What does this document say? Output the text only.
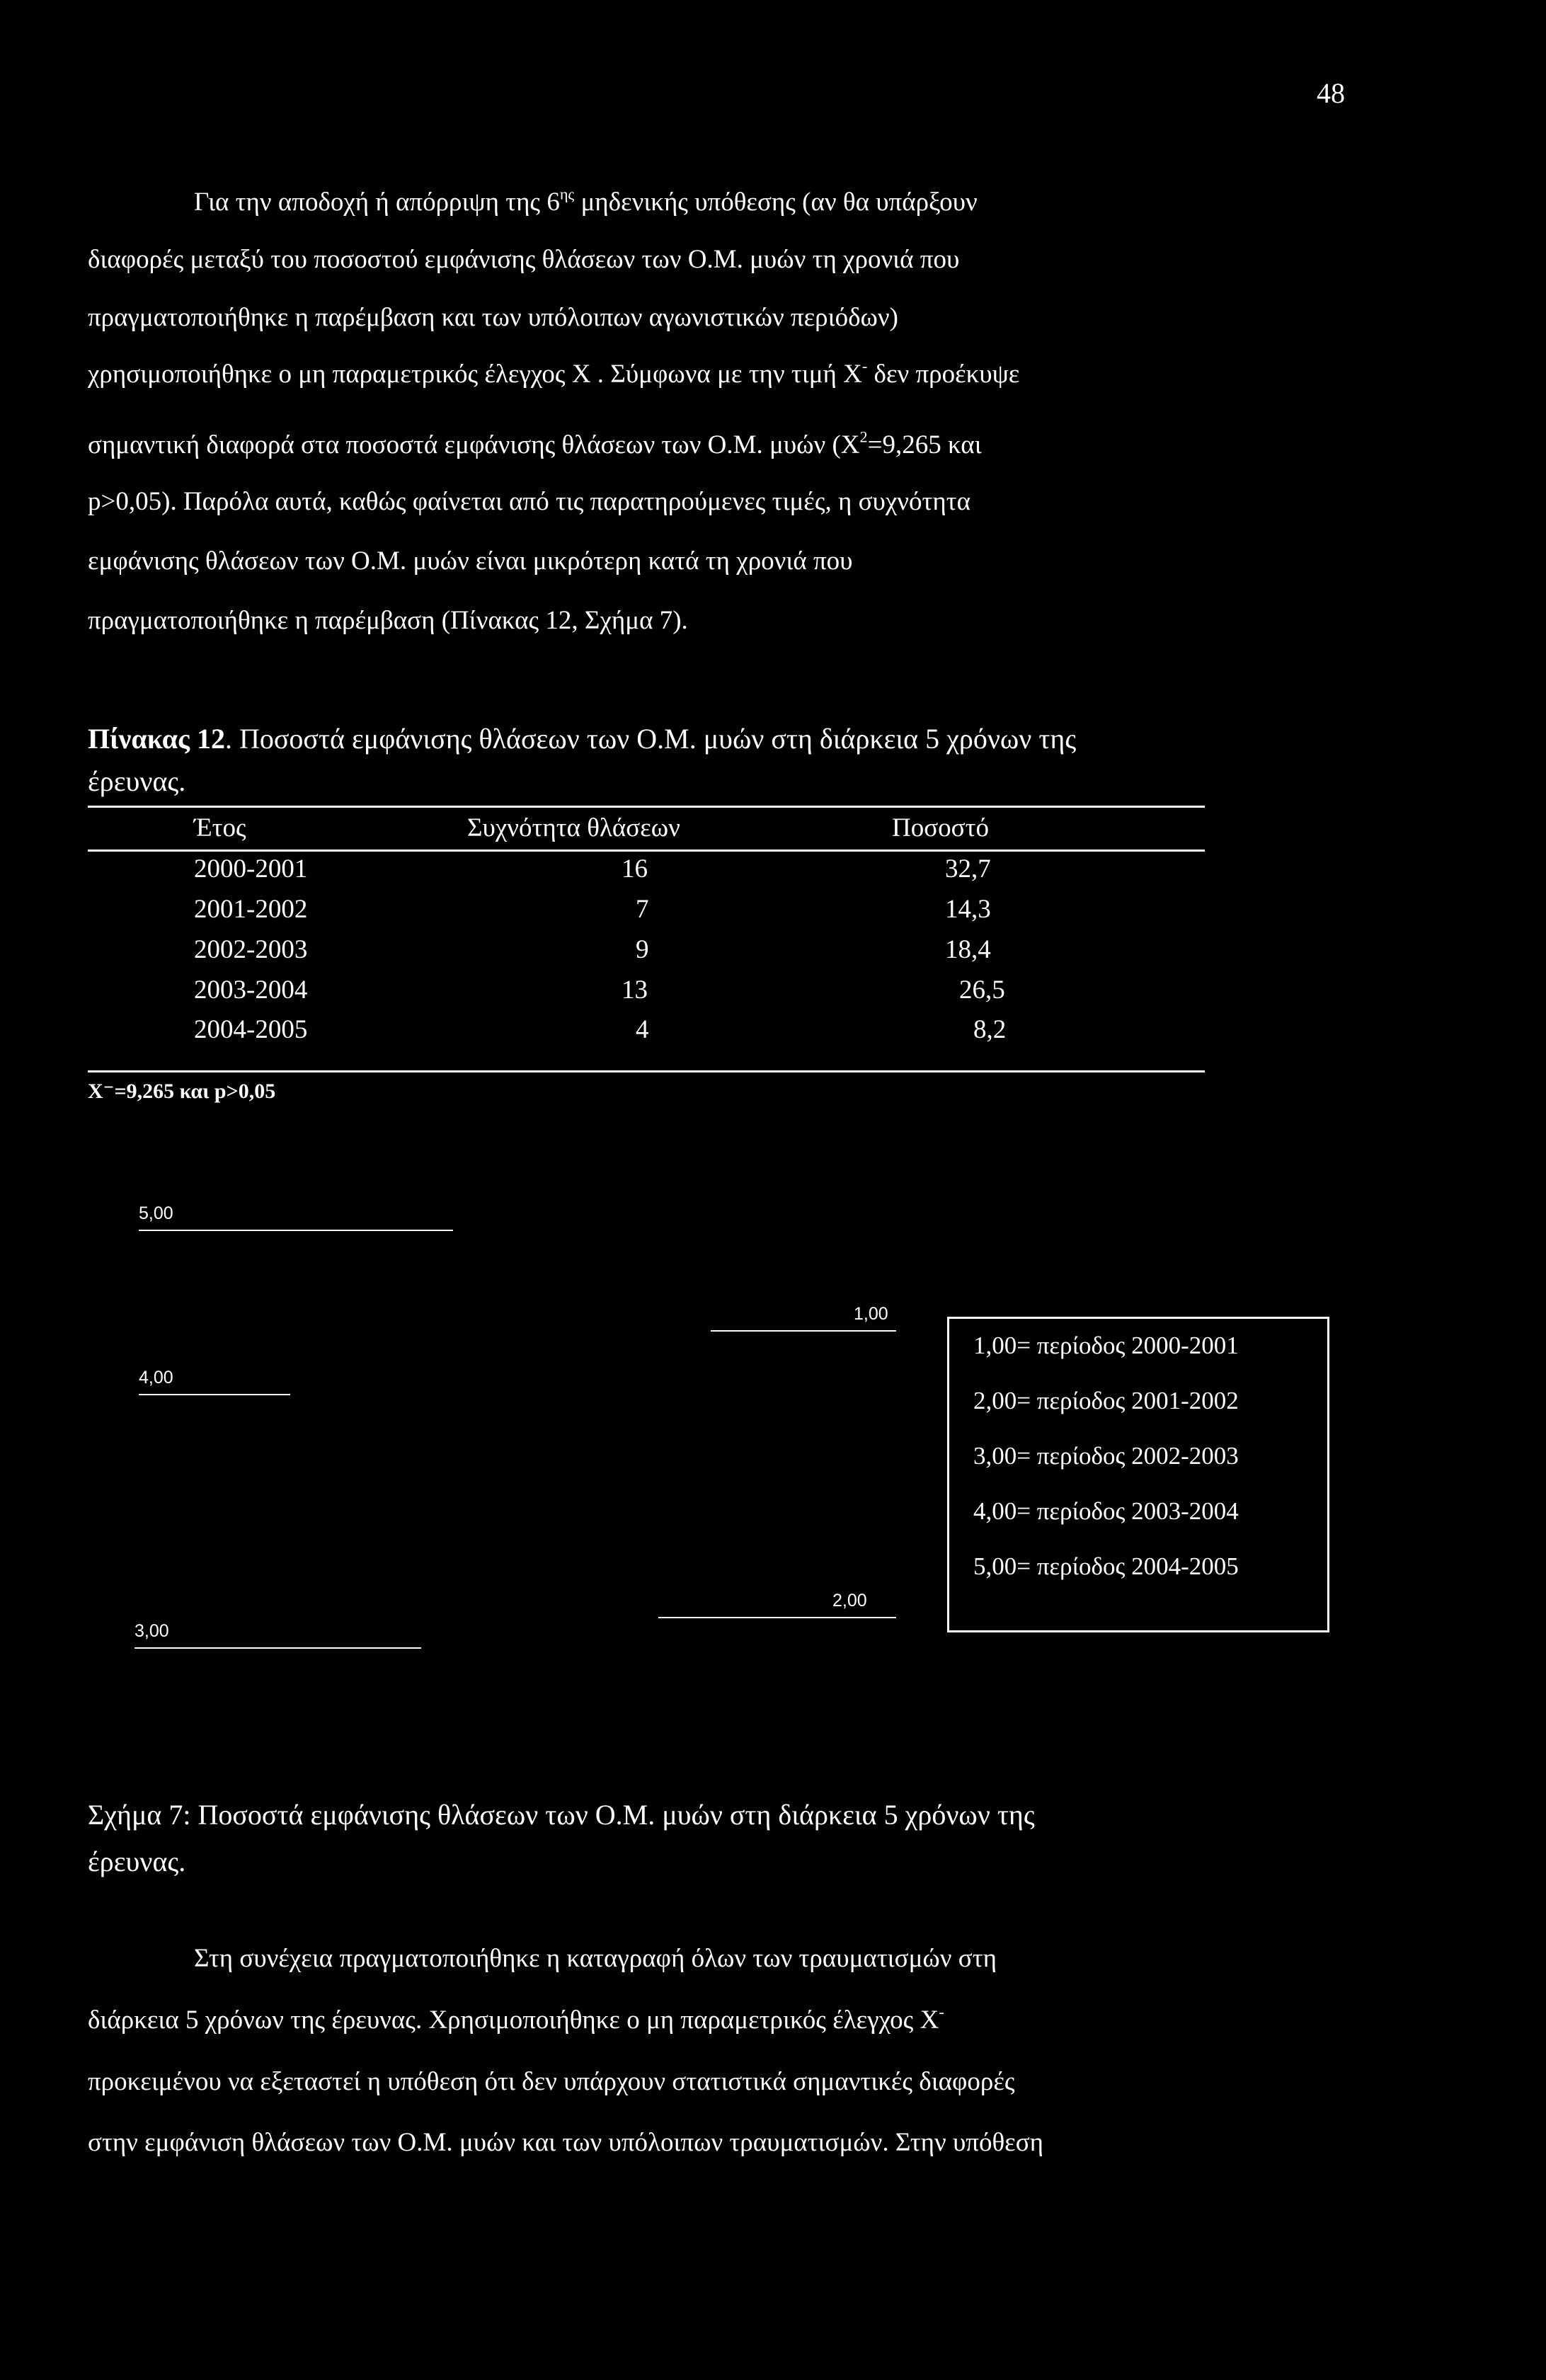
48
Για την αποδοχή ή απόρριψη της $6^{\eta\varsigma}$ μηδενικής υπόθεσης (αν θα υπάρξουν
διαφορές μεταξύ του ποσοστού εμφάνισης θλάσεων των Ο.Μ. μυών τη χρονιά που
πραγματοποιήθηκε η παρέμβαση και των υπόλοιπων αγωνιστικών περιόδων)
χρησιμοποιήθηκε ο μη παραμετρικός έλεγχος Χ . Σύμφωνα με την τιμή Χ- δεν προέκυψε
σημαντική διαφορά στα ποσοστά εμφάνισης θλάσεων των Ο.Μ. μυών ($X^2=9,265$ και
p>0,05). Παρόλα αυτά, καθώς φαίνεται από τις παρατηρούμενες τιμές, η συχνότητα
εμφάνισης θλάσεων των Ο.Μ. μυών είναι μικρότερη κατά τη χρονιά που
πραγματοποιήθηκε η παρέμβαση (Πίνακας 12, Σχήμα 7).
Πίνακας 12. Ποσοστά εμφάνισης θλάσεων των Ο.Μ. μυών στη διάρκεια 5 χρόνων της
έρευνας.
Έτος	Συχνότητα θλάσεων	Ποσοστό
2000-2001	16	32,7
2001-2002	7	14,3
2002-2003	9	18,4
2003-2004	13	26,5
2004-2005	4	8,2
Χ⁻=9,265 και p>0,05
5,00
4,00
3,00
1,00
2,00
1,00= περίοδος 2000-2001
2,00= περίοδος 2001-2002
3,00= περίοδος 2002-2003
4,00= περίοδος 2003-2004
5,00= περίοδος 2004-2005
Σχήμα 7: Ποσοστά εμφάνισης θλάσεων των Ο.Μ. μυών στη διάρκεια 5 χρόνων της
έρευνας.
Στη συνέχεια πραγματοποιήθηκε η καταγραφή όλων των τραυματισμών στη
διάρκεια 5 χρόνων της έρευνας. Χρησιμοποιήθηκε ο μη παραμετρικός έλεγχος Χ-
προκειμένου να εξεταστεί η υπόθεση ότι δεν υπάρχουν στατιστικά σημαντικές διαφορές
στην εμφάνιση θλάσεων των Ο.Μ. μυών και των υπόλοιπων τραυματισμών. Στην υπόθεση
